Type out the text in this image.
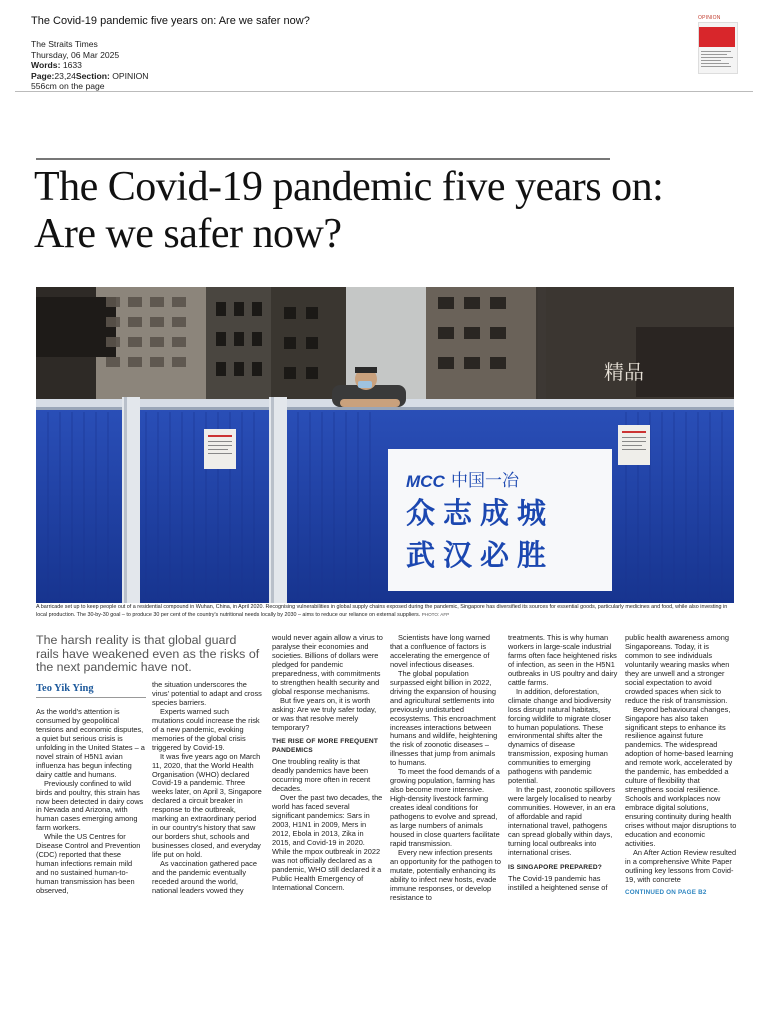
The Covid-19 pandemic five years on: Are we safer now?
The Straits Times
Thursday, 06 Mar 2025
Words: 1633
Page:23,24Section: OPINION
556cm on the page
OPINION
The Covid-19 pandemic five years on: Are we safer now?
精品
MCC 中国一冶
众志成城
武汉必胜
A barricade set up to keep people out of a residential compound in Wuhan, China, in April 2020. Recognising vulnerabilities in global supply chains exposed during the pandemic, Singapore has diversified its sources for essential goods, particularly medicines and food, while also investing in local production. The 30-by-30 goal – to produce 30 per cent of the country's nutritional needs locally by 2030 – aims to reduce our reliance on external suppliers. PHOTO: AFP
The harsh reality is that global guard rails have weakened even as the risks of the next pandemic have not.
Teo Yik Ying

As the world's attention is consumed by geopolitical tensions and economic disputes, a quiet but serious crisis is unfolding in the United States – a novel strain of H5N1 avian influenza has begun infecting dairy cattle and humans.

Previously confined to wild birds and poultry, this strain has now been detected in dairy cows in Nevada and Arizona, with human cases emerging among farm workers.

While the US Centres for Disease Control and Prevention (CDC) reported that these human infections remain mild and no sustained human-to-human transmission has been observed,

the situation underscores the virus' potential to adapt and cross species barriers.

Experts warned such mutations could increase the risk of a new pandemic, evoking memories of the global crisis triggered by Covid-19.

It was five years ago on March 11, 2020, that the World Health Organisation (WHO) declared Covid-19 a pandemic. Three weeks later, on April 3, Singapore declared a circuit breaker in response to the outbreak, marking an extraordinary period in our country's history that saw our borders shut, schools and businesses closed, and everyday life put on hold.

As vaccination gathered pace and the pandemic eventually receded around the world, national leaders vowed they

would never again allow a virus to paralyse their economies and societies. Billions of dollars were pledged for pandemic preparedness, with commitments to strengthen health security and global response mechanisms.

But five years on, it is worth asking: Are we truly safer today, or was that resolve merely temporary?

THE RISE OF MORE FREQUENT PANDEMICS

One troubling reality is that deadly pandemics have been occurring more often in recent decades.

Over the past two decades, the world has faced several significant pandemics: Sars in 2003, H1N1 in 2009, Mers in 2012, Ebola in 2013, Zika in 2015, and Covid-19 in 2020. While the mpox outbreak in 2022 was not officially declared as a pandemic, WHO still declared it a Public Health Emergency of International Concern.

Scientists have long warned that a confluence of factors is accelerating the emergence of novel infectious diseases.

The global population surpassed eight billion in 2022, driving the expansion of housing and agricultural settlements into previously undisturbed ecosystems. This encroachment increases interactions between humans and wildlife, heightening the risk of zoonotic diseases – illnesses that jump from animals to humans.

To meet the food demands of a growing population, farming has also become more intensive. High-density livestock farming creates ideal conditions for pathogens to evolve and spread, as large numbers of animals housed in close quarters facilitate rapid transmission.

Every new infection presents an opportunity for the pathogen to mutate, potentially enhancing its ability to infect new hosts, evade immune responses, or develop resistance to

treatments. This is why human workers in large-scale industrial farms often face heightened risks of infection, as seen in the H5N1 outbreaks in US poultry and dairy cattle farms.

In addition, deforestation, climate change and biodiversity loss disrupt natural habitats, forcing wildlife to migrate closer to human populations. These environmental shifts alter the dynamics of disease transmission, exposing human communities to emerging pathogens with pandemic potential.

In the past, zoonotic spillovers were largely localised to nearby communities. However, in an era of affordable and rapid international travel, pathogens can spread globally within days, turning local outbreaks into international crises.

IS SINGAPORE PREPARED?

The Covid-19 pandemic has instilled a heightened sense of

public health awareness among Singaporeans. Today, it is common to see individuals voluntarily wearing masks when they are unwell and a stronger social expectation to avoid crowded spaces when sick to reduce the risk of transmission.

Beyond behavioural changes, Singapore has also taken significant steps to enhance its resilience against future pandemics. The widespread adoption of home-based learning and remote work, accelerated by the pandemic, has embedded a culture of flexibility that strengthens social resilience. Schools and workplaces now embrace digital solutions, ensuring continuity during health crises without major disruptions to education and economic activities.

An After Action Review resulted in a comprehensive White Paper outlining key lessons from Covid-19, with concrete

CONTINUED ON PAGE B2
